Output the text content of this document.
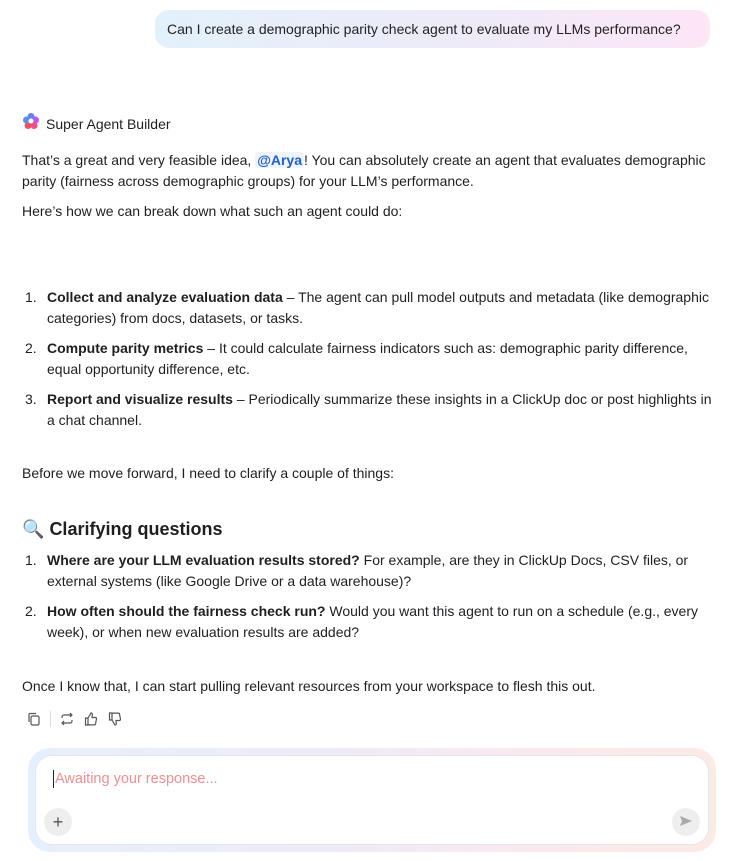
Can I create a demographic parity check agent to evaluate my LLMs performance?
Super Agent Builder
That’s a great and very feasible idea, @Arya ! You can absolutely create an agent that evaluates demographic parity (fairness across demographic groups) for your LLM’s performance.
Here’s how we can break down what such an agent could do:
1. Collect and analyze evaluation data – The agent can pull model outputs and metadata (like demographic categories) from docs, datasets, or tasks.
2. Compute parity metrics – It could calculate fairness indicators such as: demographic parity difference, equal opportunity difference, etc.
3. Report and visualize results – Periodically summarize these insights in a ClickUp doc or post highlights in a chat channel.
Before we move forward, I need to clarify a couple of things:
🔍 Clarifying questions
1. Where are your LLM evaluation results stored? For example, are they in ClickUp Docs, CSV files, or external systems (like Google Drive or a data warehouse)?
2. How often should the fairness check run? Would you want this agent to run on a schedule (e.g., every week), or when new evaluation results are added?
Once I know that, I can start pulling relevant resources from your workspace to flesh this out.
Awaiting your response...
+
